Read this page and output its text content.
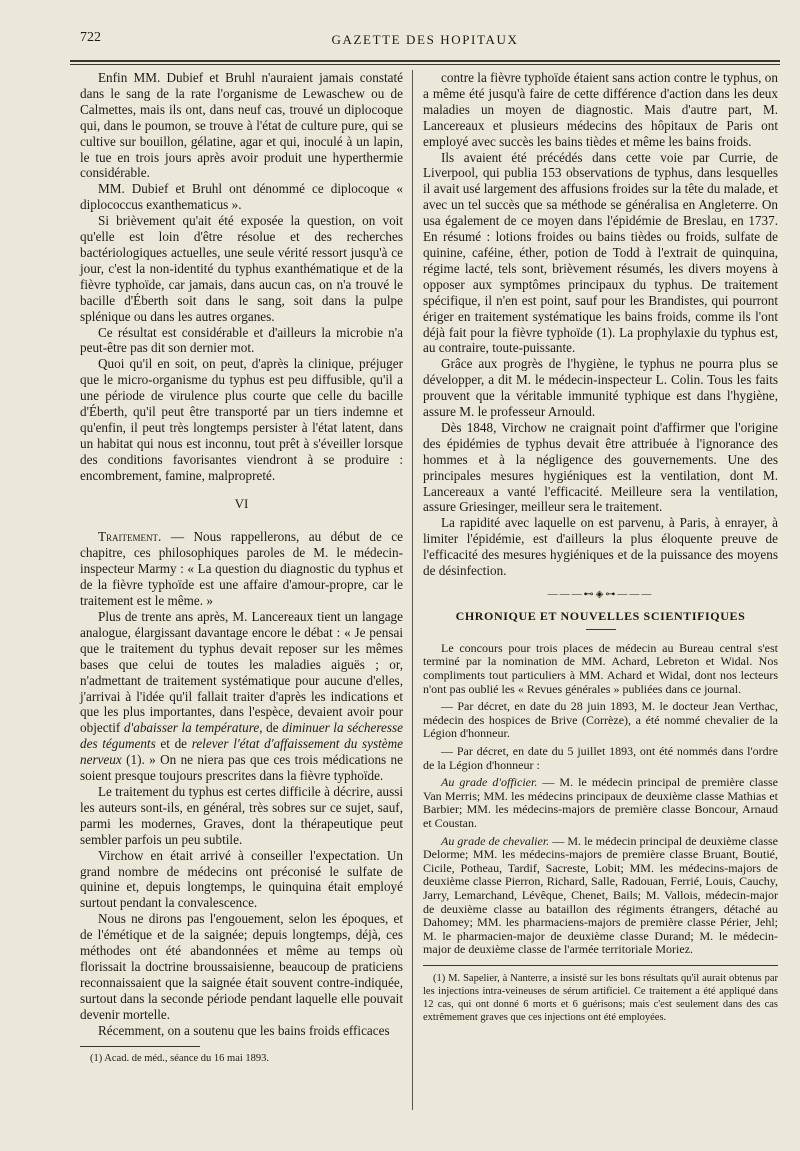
722	GAZETTE DES HOPITAUX

Enfin MM. Dubief et Bruhl n'auraient jamais constaté dans le sang de la rate l'organisme de Lewaschew ou de Calmettes, mais ils ont, dans neuf cas, trouvé un diplocoque qui, dans le poumon, se trouve à l'état de culture pure, qui se cultive sur bouillon, gélatine, agar et qui, inoculé à un lapin, le tue en trois jours après avoir produit une hyperthermie considérable.

MM. Dubief et Bruhl ont dénommé ce diplocoque « diplococcus exanthematicus ».

Si brièvement qu'ait été exposée la question, on voit qu'elle est loin d'être résolue et des recherches bactériologiques actuelles, une seule vérité ressort jusqu'à ce jour, c'est la non-identité du typhus exanthématique et de la fièvre typhoïde, car jamais, dans aucun cas, on n'a trouvé le bacille d'Éberth soit dans le sang, soit dans la pulpe splénique ou dans les autres organes.

Ce résultat est considérable et d'ailleurs la microbie n'a peut-être pas dit son dernier mot.

Quoi qu'il en soit, on peut, d'après la clinique, préjuger que le micro-organisme du typhus est peu diffusible, qu'il a une période de virulence plus courte que celle du bacille d'Éberth, qu'il peut être transporté par un tiers indemne et qu'enfin, il peut très longtemps persister à l'état latent, dans un habitat qui nous est inconnu, tout prêt à s'éveiller lorsque des conditions favorisantes viendront à se produire : encombrement, famine, malpropreté.

VI

Traitement. — Nous rappellerons, au début de ce chapitre, ces philosophiques paroles de M. le médecin-inspecteur Marmy : « La question du diagnostic du typhus et de la fièvre typhoïde est une affaire d'amour-propre, car le traitement est le même. »

Plus de trente ans après, M. Lancereaux tient un langage analogue, élargissant davantage encore le débat : « Je pensai que le traitement du typhus devait reposer sur les mêmes bases que celui de toutes les maladies aiguës ; or, n'admettant de traitement systématique pour aucune d'elles, j'arrivai à l'idée qu'il fallait traiter d'après les indications et que les plus importantes, dans l'espèce, devaient avoir pour objectif d'abaisser la température, de diminuer la sécheresse des téguments et de relever l'état d'affaissement du système nerveux (1). » On ne niera pas que ces trois médications ne soient presque toujours prescrites dans la fièvre typhoïde.

Le traitement du typhus est certes difficile à décrire, aussi les auteurs sont-ils, en général, très sobres sur ce sujet, sauf, parmi les modernes, Graves, dont la thérapeutique peut sembler parfois un peu subtile.

Virchow en était arrivé à conseiller l'expectation. Un grand nombre de médecins ont préconisé le sulfate de quinine et, depuis longtemps, le quinquina était employé surtout pendant la convalescence.

Nous ne dirons pas l'engouement, selon les époques, et de l'émétique et de la saignée; depuis longtemps, déjà, ces méthodes ont été abandonnées et même au temps où florissait la doctrine broussaisienne, beaucoup de praticiens reconnaissaient que la saignée était souvent contre-indiquée, surtout dans la seconde période pendant laquelle elle pouvait devenir mortelle.

Récemment, on a soutenu que les bains froids efficaces

(1) Acad. de méd., séance du 16 mai 1893.

contre la fièvre typhoïde étaient sans action contre le typhus, on a même été jusqu'à faire de cette différence d'action dans les deux maladies un moyen de diagnostic. Mais d'autre part, M. Lancereaux et plusieurs médecins des hôpitaux de Paris ont employé avec succès les bains tièdes et même les bains froids.

Ils avaient été précédés dans cette voie par Currie, de Liverpool, qui publia 153 observations de typhus, dans lesquelles il avait usé largement des affusions froides sur la tête du malade, et avec un tel succès que sa méthode se généralisa en Angleterre. On usa également de ce moyen dans l'épidémie de Breslau, en 1737. En résumé : lotions froides ou bains tièdes ou froids, sulfate de quinine, caféine, éther, potion de Todd à l'extrait de quinquina, régime lacté, tels sont, brièvement résumés, les divers moyens à opposer aux symptômes principaux du typhus. De traitement spécifique, il n'en est point, sauf pour les Brandistes, qui pourront ériger en traitement systématique les bains froids, comme ils l'ont déjà fait pour la fièvre typhoïde (1). La prophylaxie du typhus est, au contraire, toute-puissante.

Grâce aux progrès de l'hygiène, le typhus ne pourra plus se développer, a dit M. le médecin-inspecteur L. Colin. Tous les faits prouvent que la véritable immunité typhique est dans l'hygiène, assure M. le professeur Arnould.

Dès 1848, Virchow ne craignait point d'affirmer que l'origine des épidémies de typhus devait être attribuée à l'ignorance des hommes et à la négligence des gouvernements. Une des principales mesures hygiéniques est la ventilation, dont M. Lancereaux a vanté l'efficacité. Meilleure sera la ventilation, assure Griesinger, meilleur sera le traitement.

La rapidité avec laquelle on est parvenu, à Paris, à enrayer, à limiter l'épidémie, est d'ailleurs la plus éloquente preuve de l'efficacité des mesures hygiéniques et de la puissance des moyens de désinfection.

———⊷◈⊶———
CHRONIQUE ET NOUVELLES SCIENTIFIQUES

Le concours pour trois places de médecin au Bureau central s'est terminé par la nomination de MM. Achard, Lebreton et Widal. Nos compliments tout particuliers à MM. Achard et Widal, dont nos lecteurs n'ont pas oublié les « Revues générales » publiées dans ce journal.

— Par décret, en date du 28 juin 1893, M. le docteur Jean Verthac, médecin des hospices de Brive (Corrèze), a été nommé chevalier de la Légion d'honneur.

— Par décret, en date du 5 juillet 1893, ont été nommés dans l'ordre de la Légion d'honneur :

Au grade d'officier. — M. le médecin principal de première classe Van Merris; MM. les médecins principaux de deuxième classe Mathias et Barbier; MM. les médecins-majors de première classe Boncour, Arnaud et Coustan.

Au grade de chevalier. — M. le médecin principal de deuxième classe Delorme; MM. les médecins-majors de première classe Bruant, Boutié, Cicile, Potheau, Tardif, Sacreste, Lobit; MM. les médecins-majors de deuxième classe Pierron, Richard, Salle, Radouan, Ferrié, Louis, Cauchy, Jarry, Lemarchand, Lévêque, Chenet, Bails; M. Vallois, médecin-major de deuxième classe au bataillon des régiments étrangers, détaché au Dahomey; MM. les pharmaciens-majors de première classe Périer, Jehl; M. le pharmacien-major de deuxième classe Durand; M. le médecin-major de deuxième classe de l'armée territoriale Moriez.

(1) M. Sapelier, à Nanterre, a insisté sur les bons résultats qu'il aurait obtenus par les injections intra-veineuses de sérum artificiel. Ce traitement a été appliqué dans 12 cas, qui ont donné 6 morts et 6 guérisons; mais c'est seulement dans des cas extrêmement graves que ces injections ont été employées.
